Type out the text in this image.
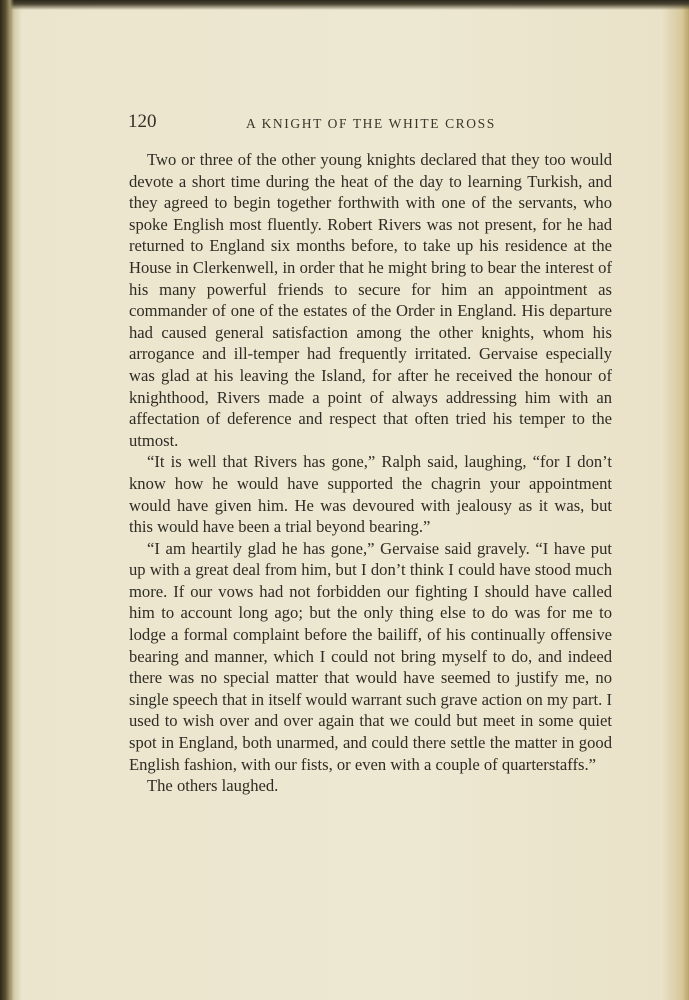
120	A KNIGHT OF THE WHITE CROSS

Two or three of the other young knights declared that they too would devote a short time during the heat of the day to learning Turkish, and they agreed to begin together forthwith with one of the servants, who spoke English most fluently. Robert Rivers was not present, for he had returned to England six months before, to take up his residence at the House in Clerkenwell, in order that he might bring to bear the interest of his many powerful friends to secure for him an appointment as commander of one of the estates of the Order in England. His departure had caused general satisfaction among the other knights, whom his arrogance and ill-temper had frequently irritated. Gervaise especially was glad at his leaving the Island, for after he received the honour of knighthood, Rivers made a point of always addressing him with an affectation of deference and respect that often tried his temper to the utmost.

“It is well that Rivers has gone,” Ralph said, laughing, “for I don’t know how he would have supported the chagrin your appointment would have given him. He was devoured with jealousy as it was, but this would have been a trial beyond bearing.”

“I am heartily glad he has gone,” Gervaise said gravely. “I have put up with a great deal from him, but I don’t think I could have stood much more. If our vows had not forbidden our fighting I should have called him to account long ago; but the only thing else to do was for me to lodge a formal complaint before the bailiff, of his continually offensive bearing and manner, which I could not bring myself to do, and indeed there was no special matter that would have seemed to justify me, no single speech that in itself would warrant such grave action on my part. I used to wish over and over again that we could but meet in some quiet spot in England, both unarmed, and could there settle the matter in good English fashion, with our fists, or even with a couple of quarterstaffs.”

The others laughed.
